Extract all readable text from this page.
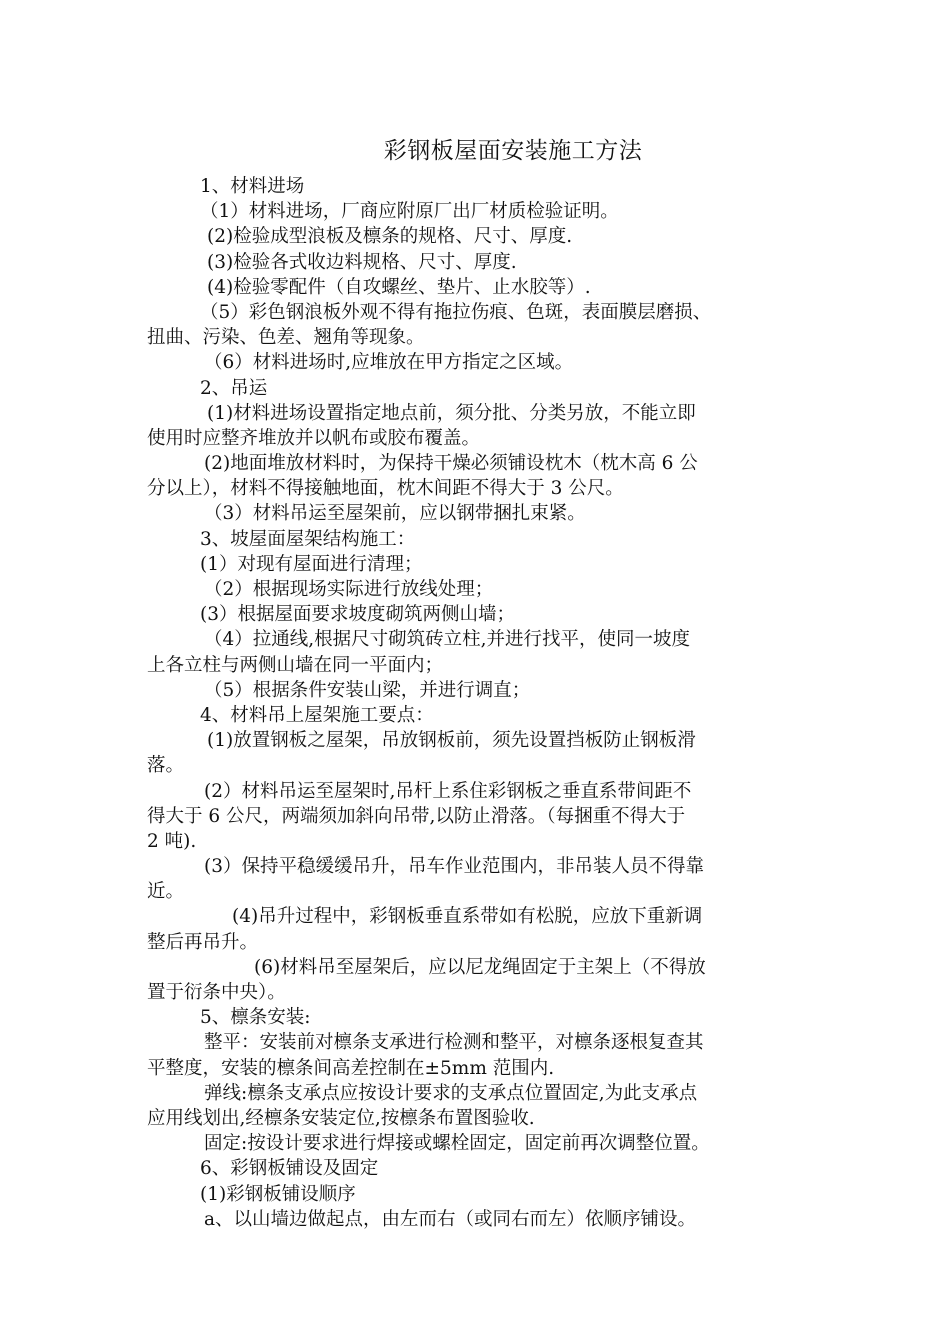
彩钢板屋面安装施工方法
1、材料进场
（1）材料进场，厂商应附原厂出厂材质检验证明。
(2)检验成型浪板及檩条的规格、尺寸、厚度.
(3)检验各式收边料规格、尺寸、厚度.
(4)检验零配件（自攻螺丝、垫片、止水胶等）.
（5）彩色钢浪板外观不得有拖拉伤痕、色斑，表面膜层磨损、
扭曲、污染、色差、翘角等现象。
（6）材料进场时,应堆放在甲方指定之区域。
2、吊运
(1)材料进场设置指定地点前，须分批、分类另放，不能立即
使用时应整齐堆放并以帆布或胶布覆盖。
(2)地面堆放材料时，为保持干燥必须铺设枕木（枕木高 6 公
分以上），材料不得接触地面，枕木间距不得大于 3 公尺。
（3）材料吊运至屋架前，应以钢带捆扎束紧。
3、坡屋面屋架结构施工：
(1）对现有屋面进行清理；
（2）根据现场实际进行放线处理；
(3）根据屋面要求坡度砌筑两侧山墙；
（4）拉通线,根据尺寸砌筑砖立柱,并进行找平，使同一坡度
上各立柱与两侧山墙在同一平面内；
（5）根据条件安装山梁，并进行调直；
4、材料吊上屋架施工要点：
(1)放置钢板之屋架，吊放钢板前，须先设置挡板防止钢板滑
落。
(2）材料吊运至屋架时,吊杆上系住彩钢板之垂直系带间距不
得大于 6 公尺，两端须加斜向吊带,以防止滑落。（每捆重不得大于
2 吨).
(3）保持平稳缓缓吊升，吊车作业范围内，非吊装人员不得靠
近。
(4)吊升过程中，彩钢板垂直系带如有松脱，应放下重新调
整后再吊升。
(6)材料吊至屋架后，应以尼龙绳固定于主架上（不得放
置于衍条中央）。
5、檩条安装:
整平：安装前对檩条支承进行检测和整平，对檩条逐根复查其
平整度，安装的檩条间高差控制在±5mm 范围内.
弹线:檩条支承点应按设计要求的支承点位置固定,为此支承点
应用线划出,经檩条安装定位,按檩条布置图验收.
固定:按设计要求进行焊接或螺栓固定，固定前再次调整位置。
6、彩钢板铺设及固定
(1)彩钢板铺设顺序
a、以山墙边做起点，由左而右（或同右而左）依顺序铺设。
